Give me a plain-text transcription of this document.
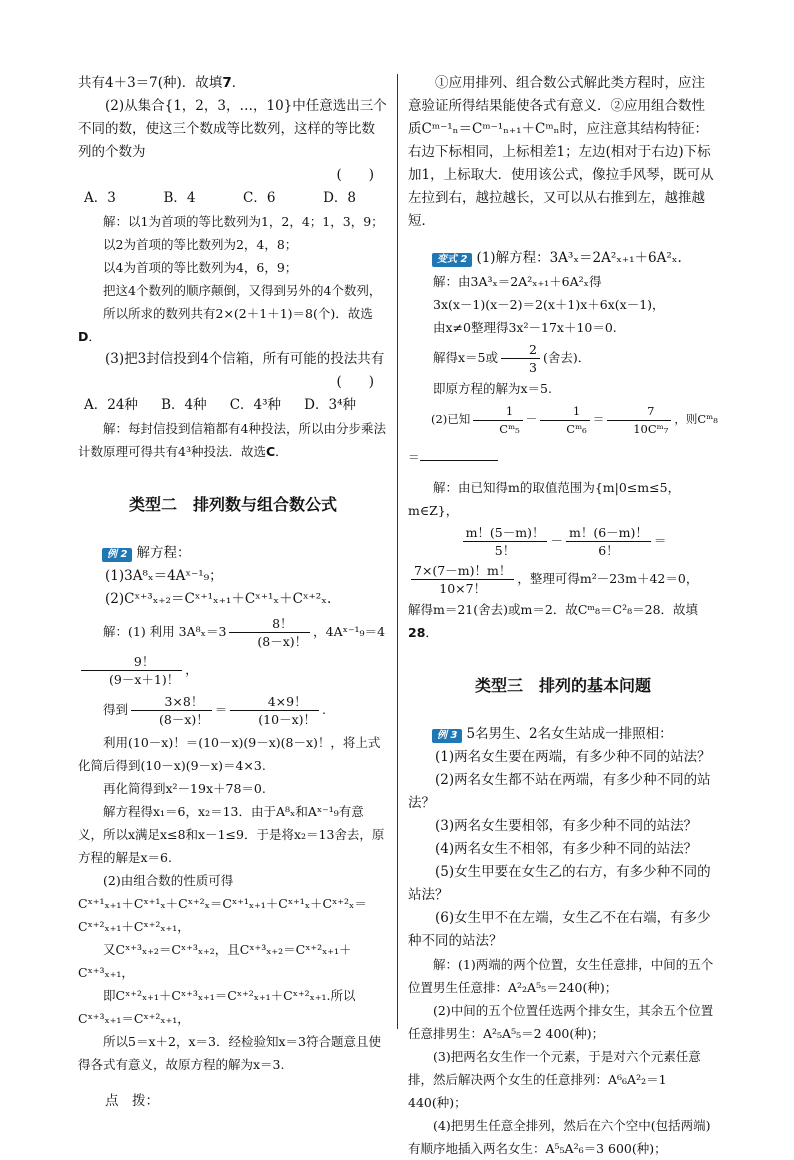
共有4＋3＝7(种)．故填7．

(2)从集合{1，2，3，…，10}中任意选出三个不同的数，使这三个数成等比数列，这样的等比数列的个数为

(　　)

A．3	B．4	C．6	D．8

解：以1为首项的等比数列为1，2，4；1，3，9；

以2为首项的等比数列为2，4，8；

以4为首项的等比数列为4，6，9；

把这4个数列的顺序颠倒，又得到另外的4个数列，

所以所求的数列共有2×(2＋1＋1)＝8(个)．故选D．

(3)把3封信投到4个信箱，所有可能的投法共有

(　　)

A．24种 B．4种 C．4³种 D．3⁴种

解：每封信投到信箱都有4种投法，所以由分步乘法计数原理可得共有4³种投法．故选C．

类型二　排列数与组合数公式

例 2 解方程：

(1)3A⁸ₓ＝4Aˣ⁻¹₉；

(2)Cˣ⁺³ₓ₊₂＝Cˣ⁺¹ₓ₊₁＋Cˣ⁺¹ₓ＋Cˣ⁺²ₓ.

解：(1) 利用 $3A^8_x=3 \frac{8!}{(8-x)!}$ ，4Aˣ⁻¹₉＝4
$\frac{9!}{(9-x+1)!}$ ，

得到 $\frac{3\times 8!}{(8-x)!} = \frac{4\times 9!}{(10-x)!}$ .

利用(10－x)！＝(10－x)(9－x)(8－x)！，将上式化简后得到(10－x)(9－x)＝4×3.

再化简得到x²－19x＋78＝0.

解方程得x₁＝6，x₂＝13．由于A⁸ₓ和Aˣ⁻¹₉有意义，所以x满足x≤8和x－1≤9．于是将x₂＝13舍去，原方程的解是x＝6.

(2)由组合数的性质可得

Cˣ⁺¹ₓ₊₁＋Cˣ⁺¹ₓ＋Cˣ⁺²ₓ＝Cˣ⁺¹ₓ₊₁＋Cˣ⁺¹ₓ＋Cˣ⁺²ₓ＝Cˣ⁺²ₓ₊₁＋Cˣ⁺²ₓ₊₁，

又Cˣ⁺³ₓ₊₂＝Cˣ⁺³ₓ₊₂，且Cˣ⁺³ₓ₊₂＝Cˣ⁺²ₓ₊₁＋Cˣ⁺³ₓ₊₁，

即Cˣ⁺²ₓ₊₁＋Cˣ⁺³ₓ₊₁＝Cˣ⁺²ₓ₊₁＋Cˣ⁺²ₓ₊₁.所以Cˣ⁺³ₓ₊₁＝Cˣ⁺²ₓ₊₁，

所以5＝x＋2，x＝3．经检验知x＝3符合题意且使得各式有意义，故原方程的解为x＝3.

点　拨：

①应用排列、组合数公式解此类方程时，应注意验证所得结果能使各式有意义．②应用组合数性质Cᵐ⁻¹ₙ＝Cᵐ⁻¹ₙ₊₁＋Cᵐₙ时，应注意其结构特征：右边下标相同，上标相差1；左边(相对于右边)下标加1，上标取大．使用该公式，像拉手风琴，既可从左拉到右，越拉越长，又可以从右推到左，越推越短．

变式 2 (1)解方程：3A³ₓ＝2A²ₓ₊₁＋6A²ₓ.

解：由3A³ₓ＝2A²ₓ₊₁＋6A²ₓ得

3x(x－1)(x－2)＝2(x＋1)x＋6x(x－1)，

由x≠0整理得3x²－17x＋10＝0.

解得x＝5或 $\frac{2}{3}$ (舍去)．

即原方程的解为x＝5.

(2)已知 $\frac{1}{\text{Cᵐ₅}} - \frac{1}{\text{Cᵐ₆}} = \frac{7}{\text{10Cᵐ₇}}$ ，则Cᵐ₈＝

解：由已知得m的取值范围为{m|0≤m≤5，m∈Z}，

$\frac{m!(5-m)!}{5!} - \frac{m!(6-m)!}{6!}$ ＝

$\frac{7\times(7-m)!m!}{10\times 7!}$ ，整理可得m²－23m＋42＝0，

解得m＝21(舍去)或m＝2．故Cᵐ₈＝C²₈＝28．故填28．

类型三　排列的基本问题

例 3 5名男生、2名女生站成一排照相：

(1)两名女生要在两端，有多少种不同的站法？

(2)两名女生都不站在两端，有多少种不同的站法？

(3)两名女生要相邻，有多少种不同的站法？

(4)两名女生不相邻，有多少种不同的站法？

(5)女生甲要在女生乙的右方，有多少种不同的站法？

(6)女生甲不在左端，女生乙不在右端，有多少种不同的站法？

解：(1)两端的两个位置，女生任意排，中间的五个位置男生任意排：A²₂A⁵₅＝240(种)；

(2)中间的五个位置任选两个排女生，其余五个位置任意排男生：A²₅A⁵₅＝2 400(种)；

(3)把两名女生作一个元素，于是对六个元素任意排，然后解决两个女生的任意排列：A⁶₆A²₂＝1 440(种)；

(4)把男生任意全排列，然后在六个空中(包括两端)有顺序地插入两名女生：A⁵₅A²₆＝3 600(种)；
